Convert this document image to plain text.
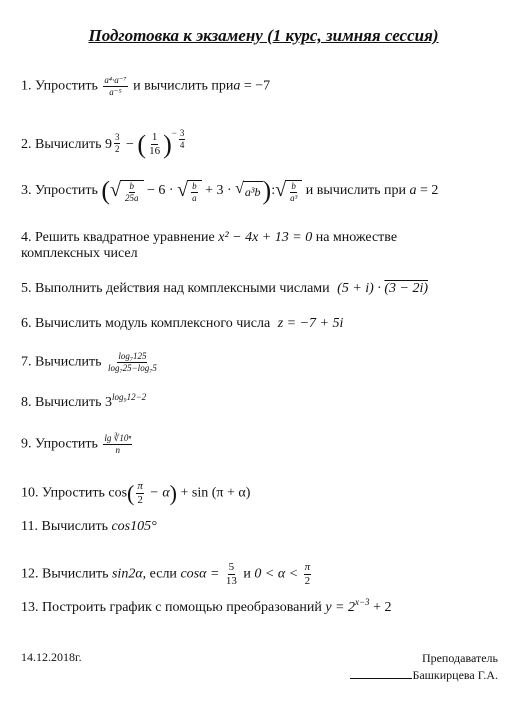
Подготовка к экзамену (1 курс, зимняя сессия)
1. Упростить $\frac{\text{a⁴·a⁻⁷}}{\text{a⁻⁵}}$ и вычислить приa = −7
2. Вычислить $9 \frac{3}{2}$ − ( $\frac{1}{16} )^- \frac{3}{4}$
3. Упростить ( √ $\frac{b}{25a} - 6$ · √ $\frac{b}{a} + 3$ · √ a³b ): √ $\frac{b}{\text{a³}}$ и вычислить при a = 2
4. Решить квадратное уравнение x² − 4x + 13 = 0 на множестве
комплексных чисел
5. Выполнить действия над комплексными числами (5 + i) · (3 − 2i)
6. Вычислить модуль комплексного числа z = −7 + 5i
7. Вычислить $\frac{\text{log₇125}}{\text{log₇25−log₇5}}$
8. Вычислить $3^{log_912-2}$
9. Упростить $\frac{\text{lg ∛10ⁿ}}{n}$
10. Упростить $\cos( \frac{\pi}{2} - \alpha) + \sin (\pi + \alpha)$
11. Вычислить cos105°
12. Вычислить sin2α, если $\cos\alpha = \frac{5}{13}$ и $0 < \alpha < \frac{\pi}{2}$
13. Построить график с помощью преобразований $y = 2^{x-3} + 2$
14.12.2018г.	Преподаватель
Башкирцева Г.А.
